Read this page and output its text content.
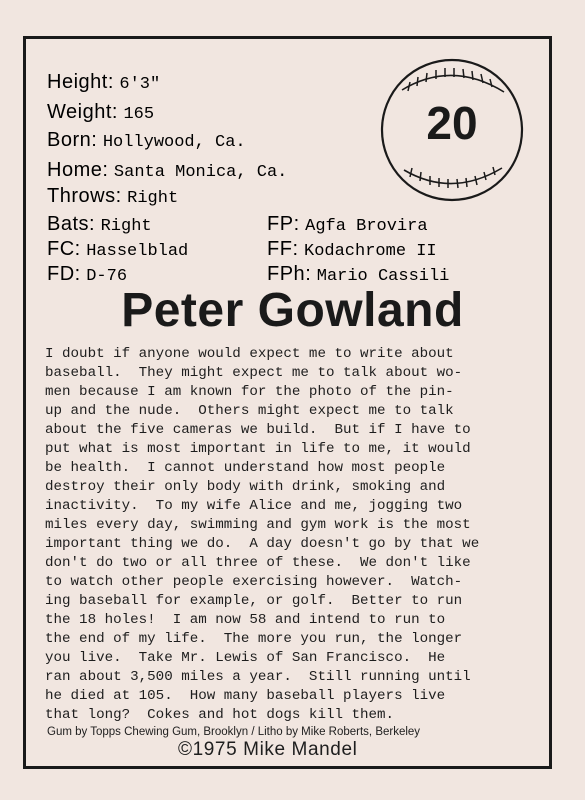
Height: 6'3"
Weight: 165
Born: Hollywood, Ca.
Home: Santa Monica, Ca.
Throws: Right
Bats: Right
FC: Hasselblad
FD: D-76
FP: Agfa Brovira
FF: Kodachrome II
FPh: Mario Cassili
20
Peter Gowland
I doubt if anyone would expect me to write about
baseball.  They might expect me to talk about wo-
men because I am known for the photo of the pin-
up and the nude.  Others might expect me to talk
about the five cameras we build.  But if I have to
put what is most important in life to me, it would
be health.  I cannot understand how most people
destroy their only body with drink, smoking and
inactivity.  To my wife Alice and me, jogging two
miles every day, swimming and gym work is the most
important thing we do.  A day doesn't go by that we
don't do two or all three of these.  We don't like
to watch other people exercising however.  Watch-
ing baseball for example, or golf.  Better to run
the 18 holes!  I am now 58 and intend to run to
the end of my life.  The more you run, the longer
you live.  Take Mr. Lewis of San Francisco.  He
ran about 3,500 miles a year.  Still running until
he died at 105.  How many baseball players live
that long?  Cokes and hot dogs kill them.
Gum by Topps Chewing Gum, Brooklyn / Litho by Mike Roberts, Berkeley
©1975 Mike Mandel
